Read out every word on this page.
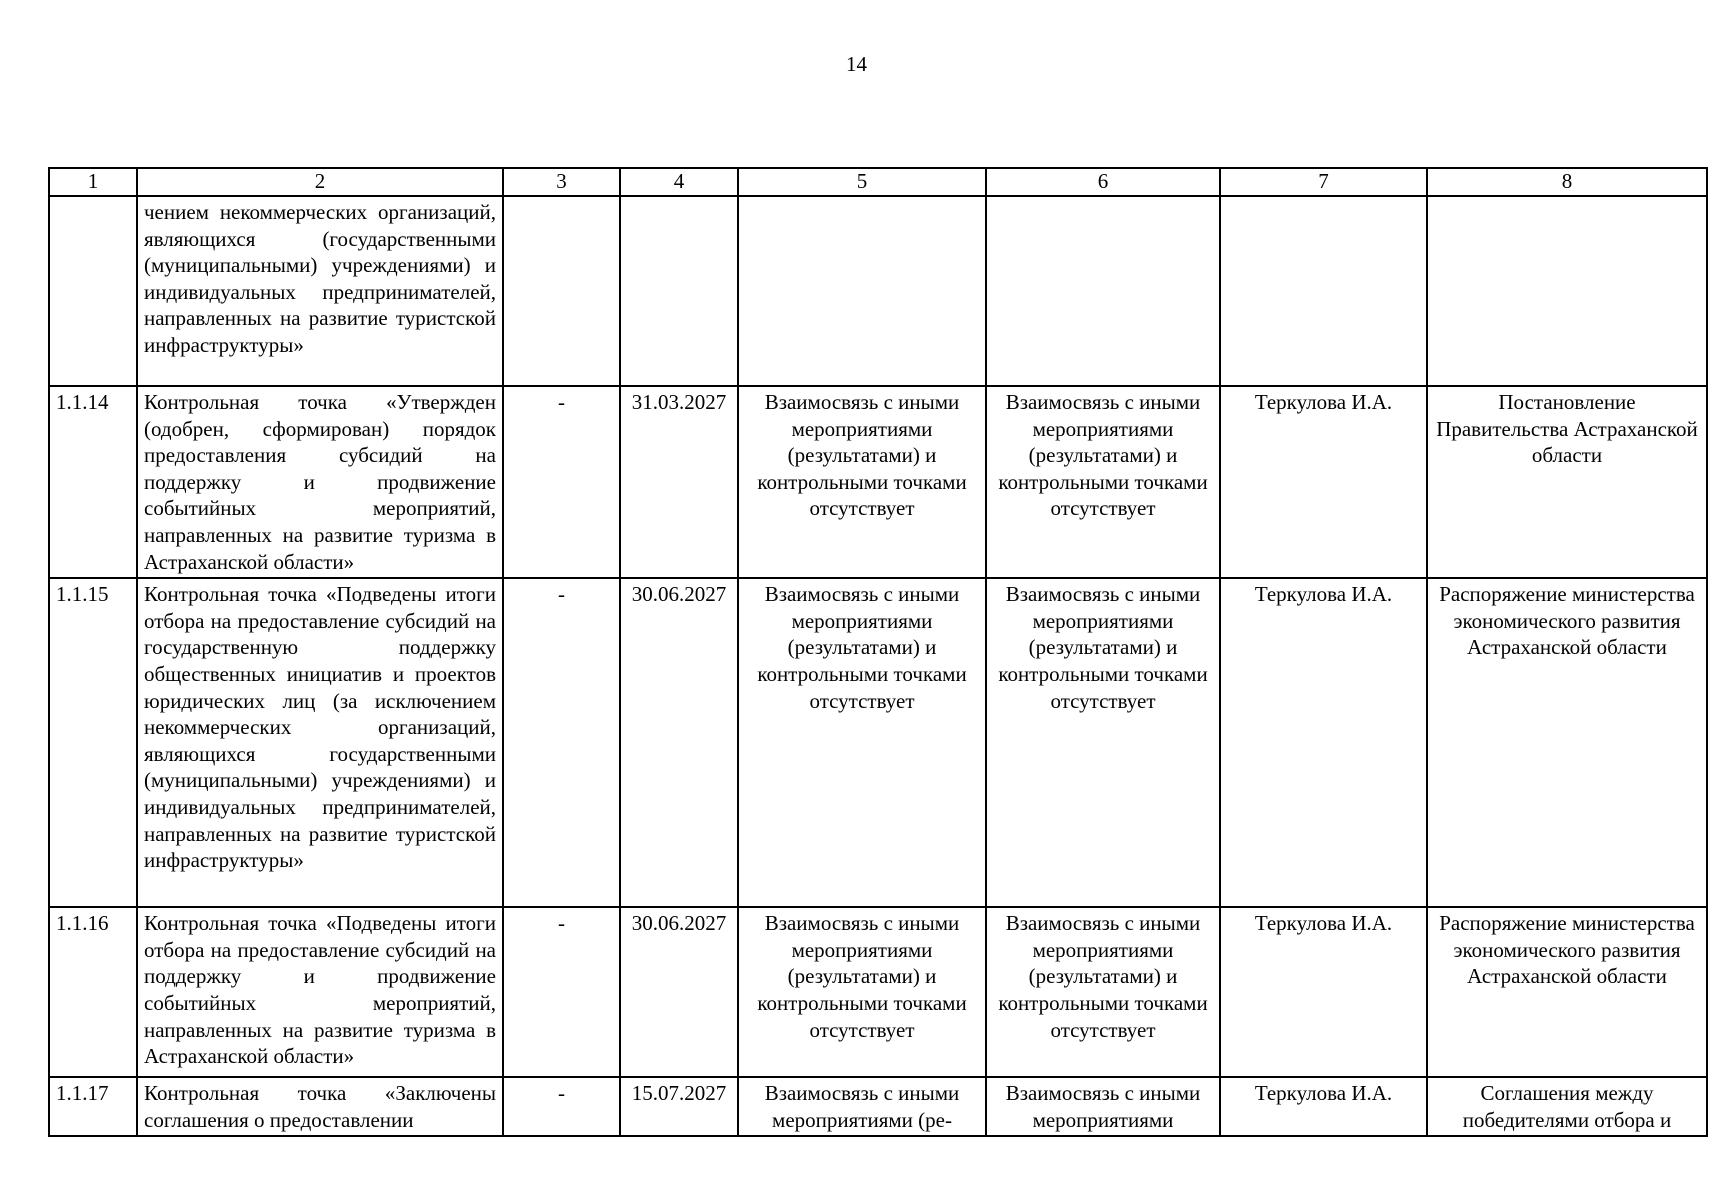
14
1	2	3	4	5	6	7	8
	чением некоммерческих организаций, являющихся (государственными (муниципальными) учреждениями) и индивидуальных предпринимателей, направленных на развитие туристской инфраструктуры»						
1.1.14	Контрольная точка «Утвержден (одобрен, сформирован) порядок предоставления субсидий на поддержку и продвижение событийных мероприятий, направленных на развитие туризма в Астраханской области»	-	31.03.2027	Взаимосвязь с иными мероприятиями (результатами) и контрольными точками отсутствует	Взаимосвязь с иными мероприятиями (результатами) и контрольными точками отсутствует	Теркулова И.А.	Постановление Правительства Астраханской области
1.1.15	Контрольная точка «Подведены итоги отбора на предоставление субсидий на государственную поддержку общественных инициатив и проектов юридических лиц (за исключением некоммерческих организаций, являющихся государственными (муниципальными) учреждениями) и индивидуальных предпринимателей, направленных на развитие туристской инфраструктуры»	-	30.06.2027	Взаимосвязь с иными мероприятиями (результатами) и контрольными точками отсутствует	Взаимосвязь с иными мероприятиями (результатами) и контрольными точками отсутствует	Теркулова И.А.	Распоряжение министерства экономического развития Астраханской области
1.1.16	Контрольная точка «Подведены итоги отбора на предоставление субсидий на поддержку и продвижение событийных мероприятий, направленных на развитие туризма в Астраханской области»	-	30.06.2027	Взаимосвязь с иными мероприятиями (результатами) и контрольными точками отсутствует	Взаимосвязь с иными мероприятиями (результатами) и контрольными точками отсутствует	Теркулова И.А.	Распоряжение министерства экономического развития Астраханской области
1.1.17	Контрольная точка «Заключены соглашения о предоставлении	-	15.07.2027	Взаимосвязь с иными мероприятиями (ре-	Взаимосвязь с иными мероприятиями	Теркулова И.А.	Соглашения между победителями отбора и
